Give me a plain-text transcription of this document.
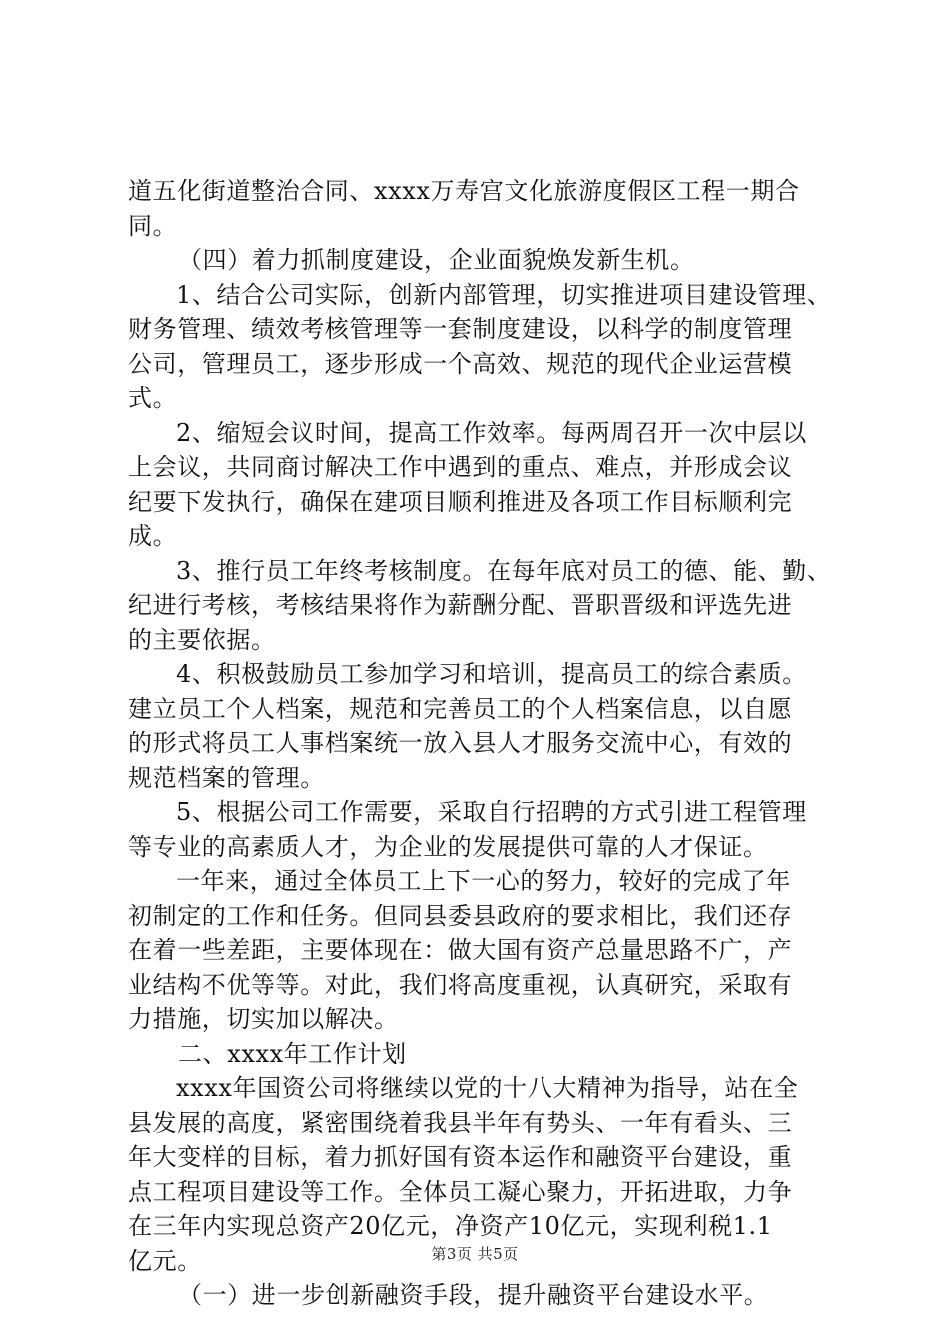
道五化街道整治合同、xxxx万寿宫文化旅游度假区工程一期合
同。
（四）着力抓制度建设，企业面貌焕发新生机。
1、结合公司实际，创新内部管理，切实推进项目建设管理、
财务管理、绩效考核管理等一套制度建设，以科学的制度管理
公司，管理员工，逐步形成一个高效、规范的现代企业运营模
式。
2、缩短会议时间，提高工作效率。每两周召开一次中层以
上会议，共同商讨解决工作中遇到的重点、难点，并形成会议
纪要下发执行，确保在建项目顺利推进及各项工作目标顺利完
成。
3、推行员工年终考核制度。在每年底对员工的德、能、勤、
纪进行考核，考核结果将作为薪酬分配、晋职晋级和评选先进
的主要依据。
4、积极鼓励员工参加学习和培训，提高员工的综合素质。
建立员工个人档案，规范和完善员工的个人档案信息，以自愿
的形式将员工人事档案统一放入县人才服务交流中心，有效的
规范档案的管理。
5、根据公司工作需要，采取自行招聘的方式引进工程管理
等专业的高素质人才，为企业的发展提供可靠的人才保证。
一年来，通过全体员工上下一心的努力，较好的完成了年
初制定的工作和任务。但同县委县政府的要求相比，我们还存
在着一些差距，主要体现在：做大国有资产总量思路不广，产
业结构不优等等。对此，我们将高度重视，认真研究，采取有
力措施，切实加以解决。
二、xxxx年工作计划
xxxx年国资公司将继续以党的十八大精神为指导，站在全
县发展的高度，紧密围绕着我县半年有势头、一年有看头、三
年大变样的目标，着力抓好国有资本运作和融资平台建设，重
点工程项目建设等工作。全体员工凝心聚力，开拓进取，力争
在三年内实现总资产20亿元，净资产10亿元，实现利税1.1
亿元。
（一）进一步创新融资手段，提升融资平台建设水平。
第3页 共5页
